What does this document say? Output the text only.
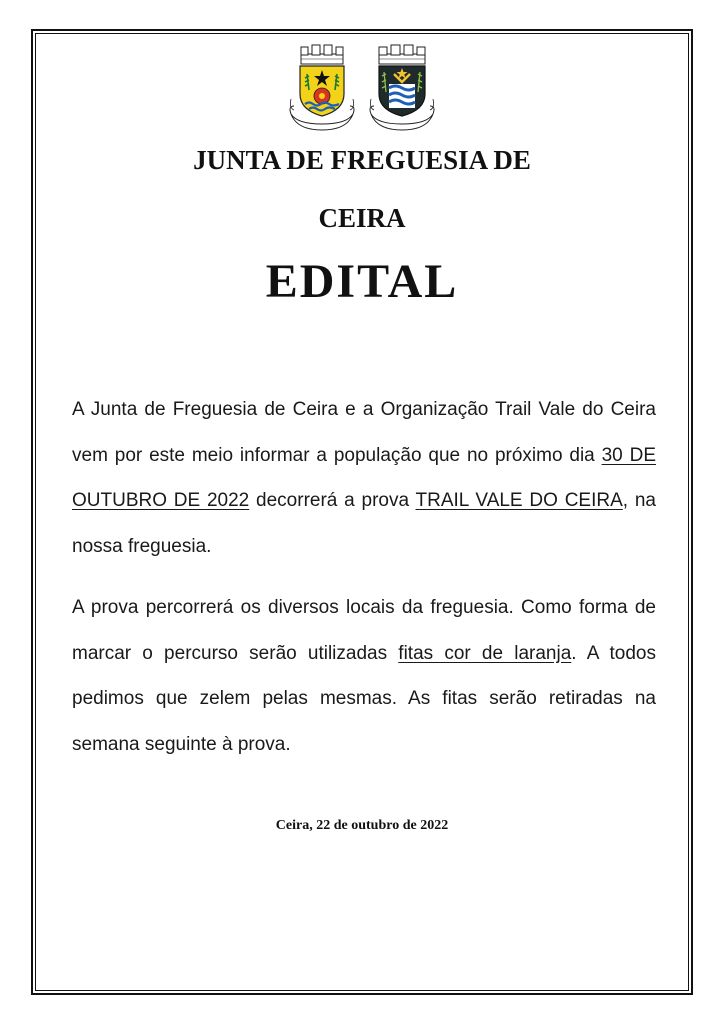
JUNTA DE FREGUESIA DE
CEIRA
EDITAL
A Junta de Freguesia de Ceira e a Organização Trail Vale do Ceira vem por este meio informar a população que no próximo dia 30 DE OUTUBRO DE 2022 decorrerá a prova TRAIL VALE DO CEIRA, na nossa freguesia.
A prova percorrerá os diversos locais da freguesia. Como forma de marcar o percurso serão utilizadas fitas cor de laranja. A todos pedimos que zelem pelas mesmas. As fitas serão retiradas na semana seguinte à prova.
Ceira, 22 de outubro de 2022
